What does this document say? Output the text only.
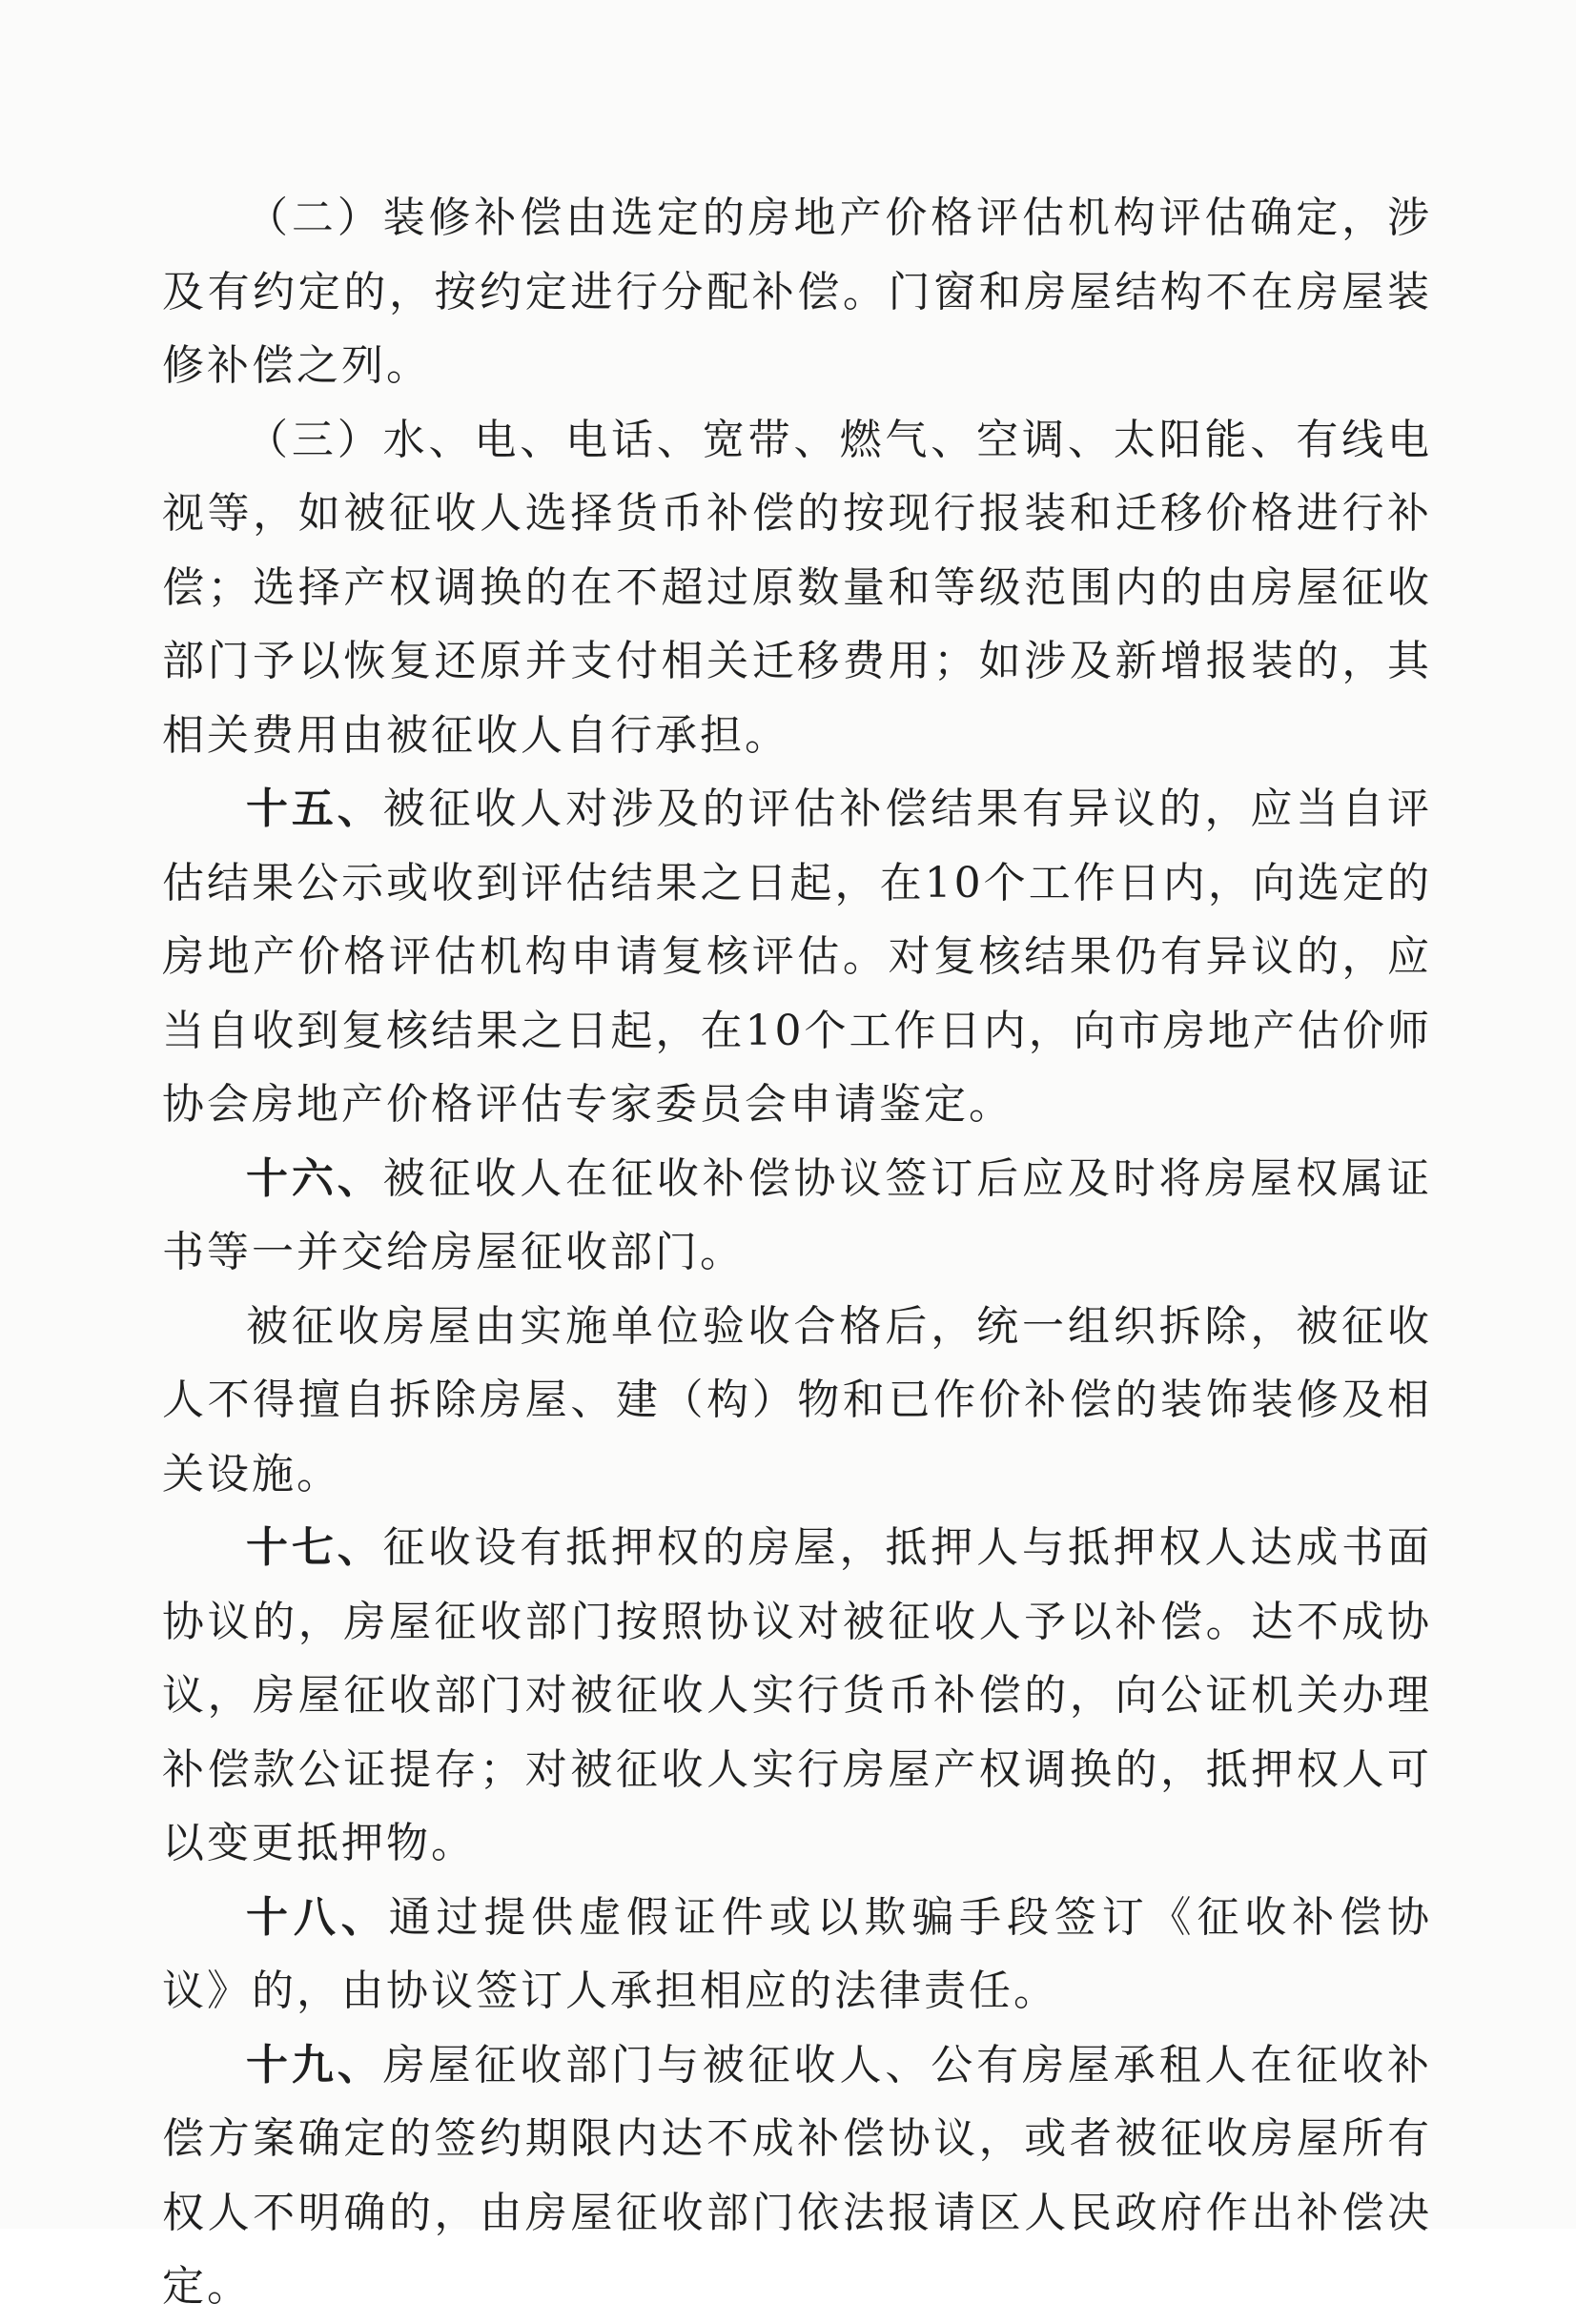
（二）装修补偿由选定的房地产价格评估机构评估确定，涉及有约定的，按约定进行分配补偿。门窗和房屋结构不在房屋装修补偿之列。

（三）水、电、电话、宽带、燃气、空调、太阳能、有线电视等，如被征收人选择货币补偿的按现行报装和迁移价格进行补偿；选择产权调换的在不超过原数量和等级范围内的由房屋征收部门予以恢复还原并支付相关迁移费用；如涉及新增报装的，其相关费用由被征收人自行承担。

十五、被征收人对涉及的评估补偿结果有异议的，应当自评估结果公示或收到评估结果之日起，在10个工作日内，向选定的房地产价格评估机构申请复核评估。对复核结果仍有异议的，应当自收到复核结果之日起，在10个工作日内，向市房地产估价师协会房地产价格评估专家委员会申请鉴定。

十六、被征收人在征收补偿协议签订后应及时将房屋权属证书等一并交给房屋征收部门。

被征收房屋由实施单位验收合格后，统一组织拆除，被征收人不得擅自拆除房屋、建（构）物和已作价补偿的装饰装修及相关设施。

十七、征收设有抵押权的房屋，抵押人与抵押权人达成书面协议的，房屋征收部门按照协议对被征收人予以补偿。达不成协议，房屋征收部门对被征收人实行货币补偿的，向公证机关办理补偿款公证提存；对被征收人实行房屋产权调换的，抵押权人可以变更抵押物。

十八、通过提供虚假证件或以欺骗手段签订《征收补偿协议》的，由协议签订人承担相应的法律责任。

十九、房屋征收部门与被征收人、公有房屋承租人在征收补偿方案确定的签约期限内达不成补偿协议，或者被征收房屋所有权人不明确的，由房屋征收部门依法报请区人民政府作出补偿决定。
